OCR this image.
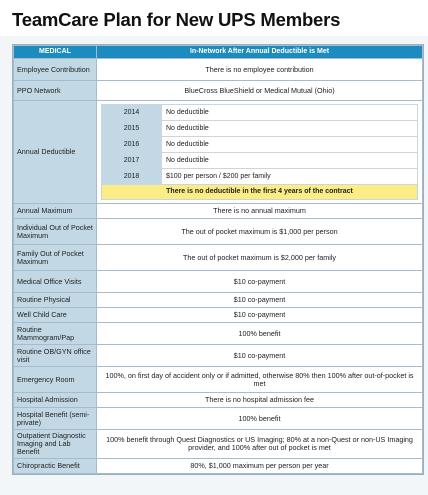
TeamCare Plan for New UPS Members
MEDICAL	In-Network After Annual Deductible is Met
Employee Contribution	There is no employee contribution
PPO Network	BlueCross BlueShield or Medical Mutual (Ohio)
Annual Deductible	
2014	No deductible
2015	No deductible
2016	No deductible
2017	No deductible
2018	$100 per person / $200 per family
There is no deductible in the first 4 years of the contract

Annual Maximum	There is no annual maximum
Individual Out of Pocket Maximum	The out of pocket maximum is $1,000 per person
Family Out of Pocket Maximum	The out of pocket maximum is $2,000 per family
Medical Office Visits	$10 co-payment
Routine Physical	$10 co-payment
Well Child Care	$10 co-payment
Routine Mammogram/Pap	100% benefit
Routine OB/GYN office visit	$10 co-payment
Emergency Room	100%, on first day of accident only or if admitted, otherwise 80% then 100% after out-of-pocket is met
Hospital Admission	There is no hospital admission fee
Hospital Benefit (semi-private)	100% benefit
Outpatient Diagnostic Imaging and Lab Benefit	100% benefit through Quest Diagnostics or US Imaging; 80% at a non-Quest or non-US Imaging provider, and 100% after out of pocket is met
Chiropractic Benefit	80%, $1,000 maximum per person per year
